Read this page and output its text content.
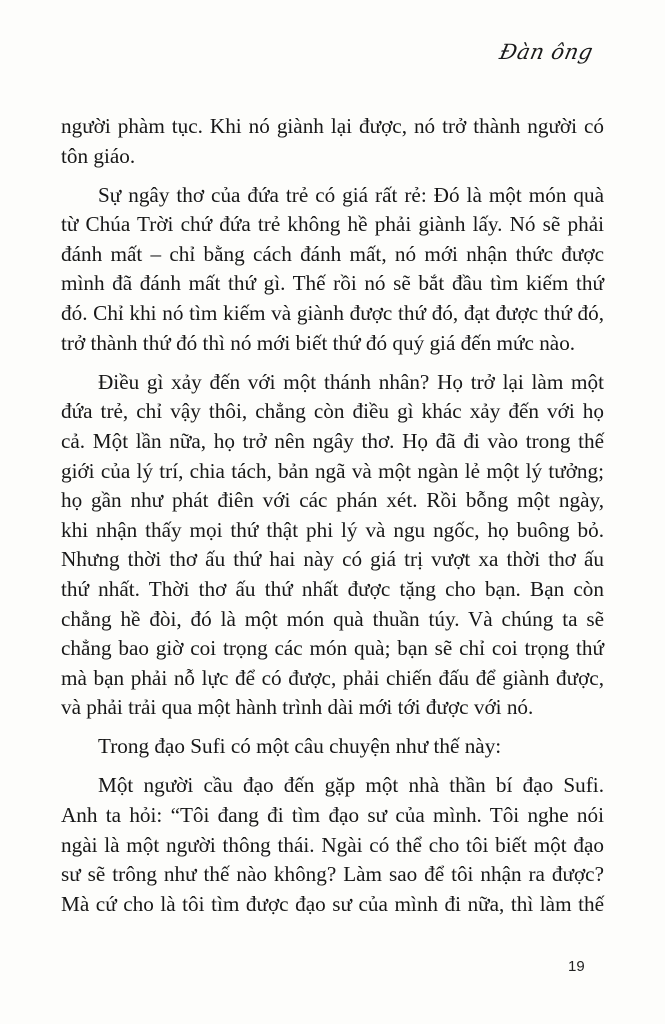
Đàn ông

người phàm tục. Khi nó giành lại được, nó trở thành người có
tôn giáo.

Sự ngây thơ của đứa trẻ có giá rất rẻ: Đó là một món quà
từ Chúa Trời chứ đứa trẻ không hề phải giành lấy. Nó sẽ phải
đánh mất – chỉ bằng cách đánh mất, nó mới nhận thức được
mình đã đánh mất thứ gì. Thế rồi nó sẽ bắt đầu tìm kiếm thứ
đó. Chỉ khi nó tìm kiếm và giành được thứ đó, đạt được thứ đó,
trở thành thứ đó thì nó mới biết thứ đó quý giá đến mức nào.

Điều gì xảy đến với một thánh nhân? Họ trở lại làm một
đứa trẻ, chỉ vậy thôi, chẳng còn điều gì khác xảy đến với họ
cả. Một lần nữa, họ trở nên ngây thơ. Họ đã đi vào trong thế
giới của lý trí, chia tách, bản ngã và một ngàn lẻ một lý tưởng;
họ gần như phát điên với các phán xét. Rồi bỗng một ngày,
khi nhận thấy mọi thứ thật phi lý và ngu ngốc, họ buông bỏ.
Nhưng thời thơ ấu thứ hai này có giá trị vượt xa thời thơ ấu
thứ nhất. Thời thơ ấu thứ nhất được tặng cho bạn. Bạn còn
chẳng hề đòi, đó là một món quà thuần túy. Và chúng ta sẽ
chẳng bao giờ coi trọng các món quà; bạn sẽ chỉ coi trọng thứ
mà bạn phải nỗ lực để có được, phải chiến đấu để giành được,
và phải trải qua một hành trình dài mới tới được với nó.

Trong đạo Sufi có một câu chuyện như thế này:

Một người cầu đạo đến gặp một nhà thần bí đạo Sufi.
Anh ta hỏi: “Tôi đang đi tìm đạo sư của mình. Tôi nghe nói
ngài là một người thông thái. Ngài có thể cho tôi biết một đạo
sư sẽ trông như thế nào không? Làm sao để tôi nhận ra được?
Mà cứ cho là tôi tìm được đạo sư của mình đi nữa, thì làm thế

19
